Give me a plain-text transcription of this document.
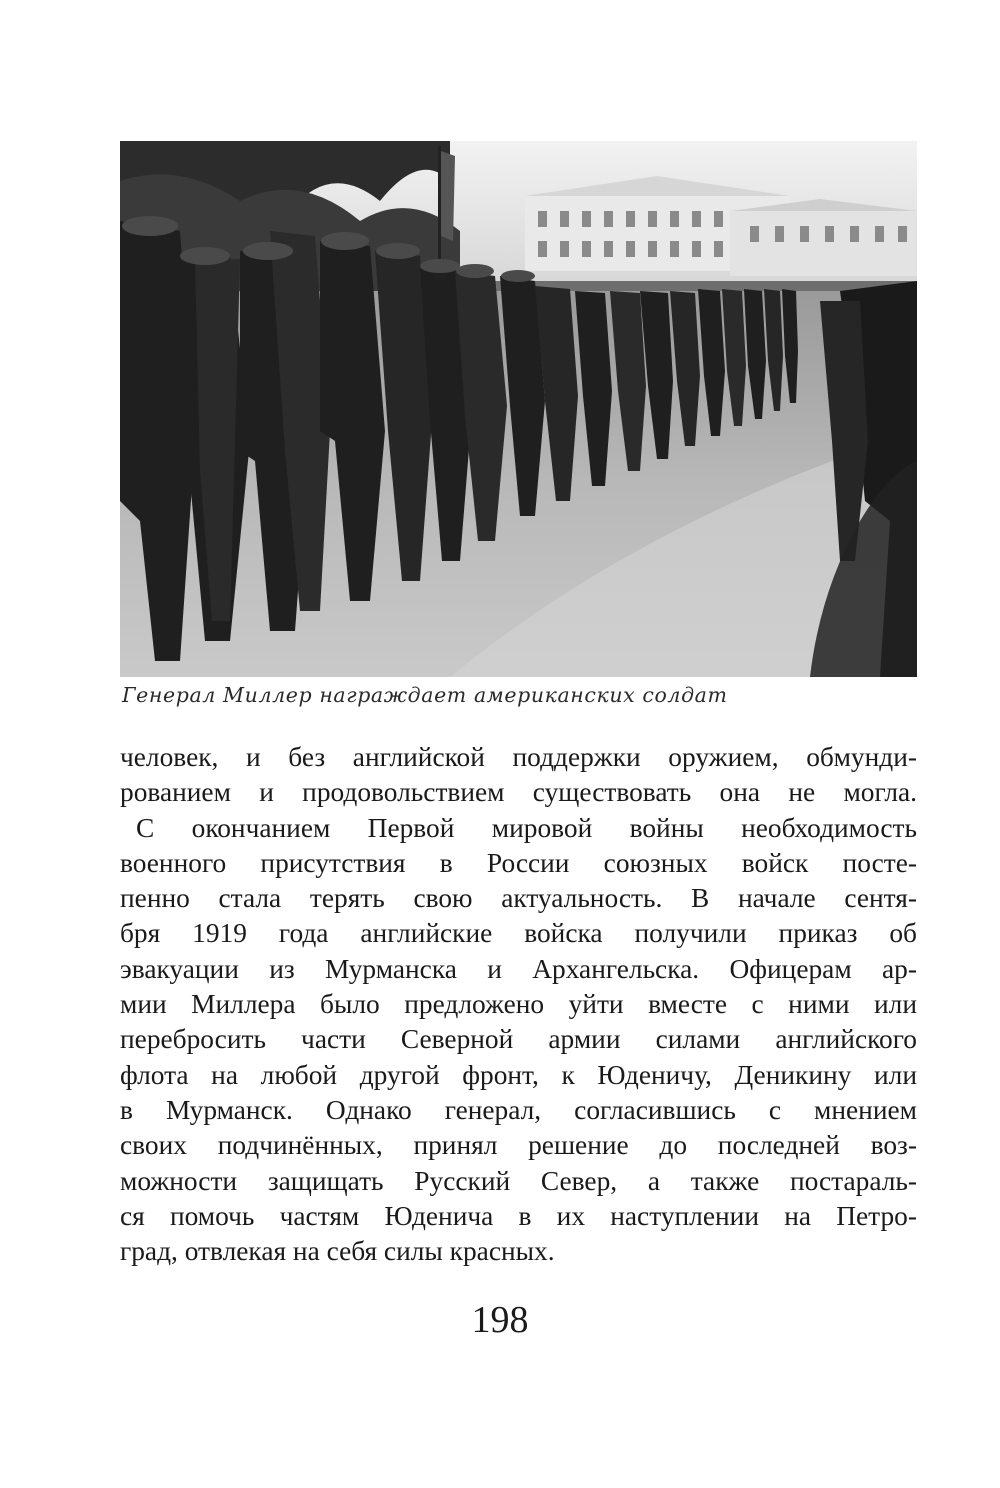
Генерал Миллер награждает американских солдат

человек, и без английской поддержки оружием, обмунди-
рованием и продовольствием существовать она не могла.
С окончанием Первой мировой войны необходимость
военного присутствия в России союзных войск посте-
пенно стала терять свою актуальность. В начале сентя-
бря 1919 года английские войска получили приказ об
эвакуации из Мурманска и Архангельска. Офицерам ар-
мии Миллера было предложено уйти вместе с ними или
перебросить части Северной армии силами английского
флота на любой другой фронт, к Юденичу, Деникину или
в Мурманск. Однако генерал, согласившись с мнением
своих подчинённых, принял решение до последней воз-
можности защищать Русский Север, а также постараль-
ся помочь частям Юденича в их наступлении на Петро-
град, отвлекая на себя силы красных.

198
